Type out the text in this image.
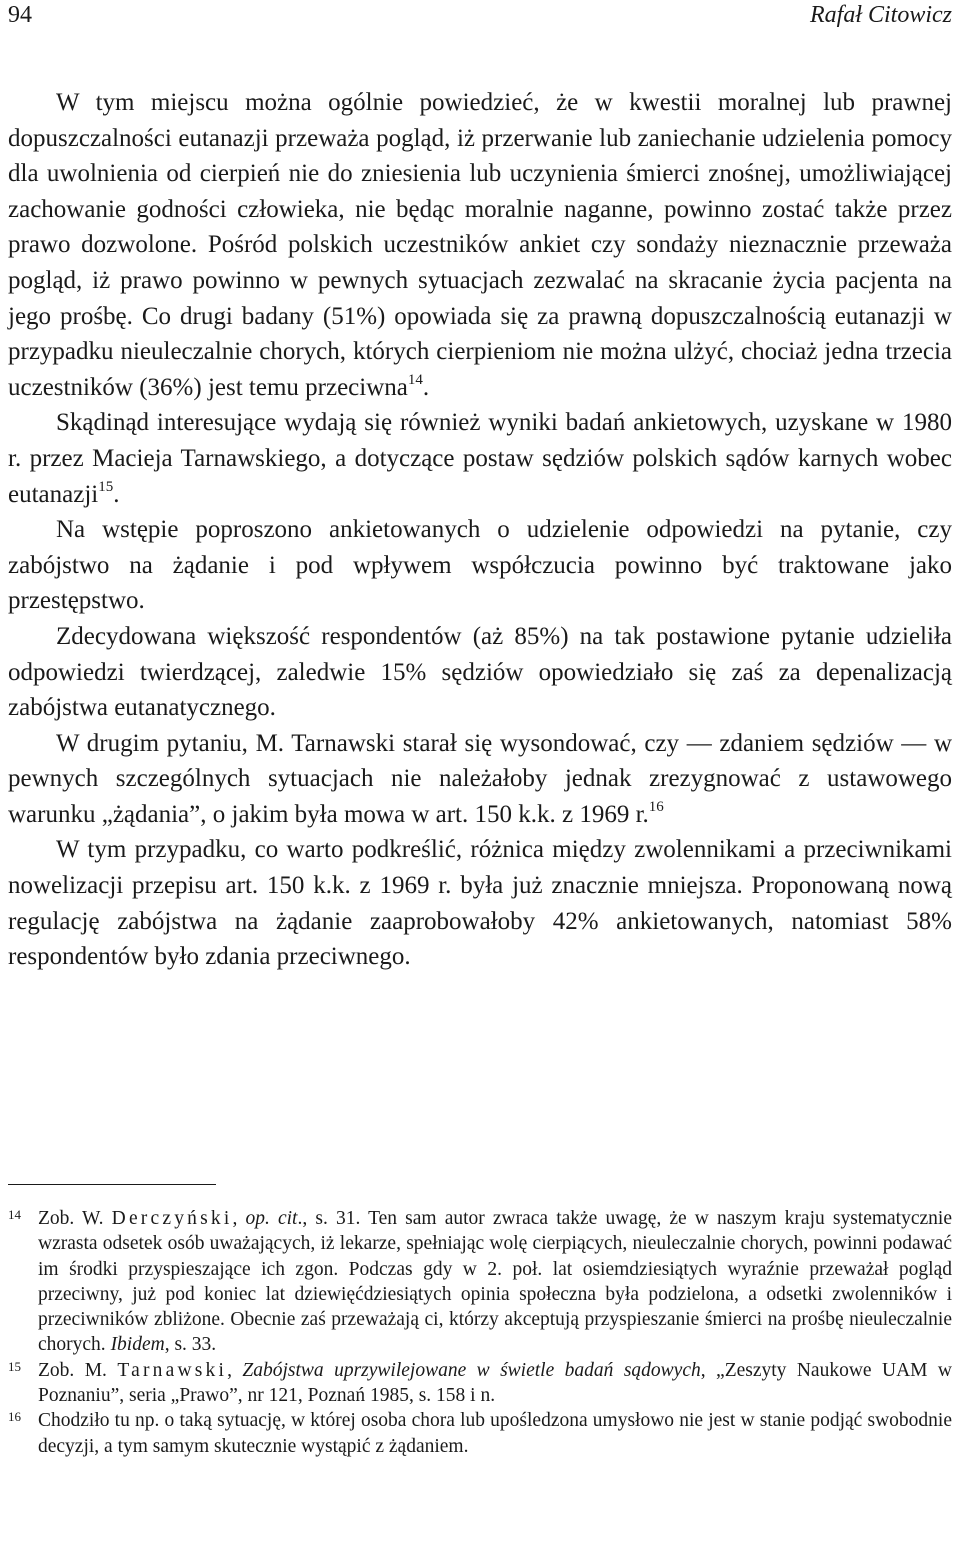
94	Rafał Citowicz

W tym miejscu można ogólnie powiedzieć, że w kwestii moralnej lub prawnej dopuszczalności eutanazji przeważa pogląd, iż przerwanie lub zaniechanie udzielenia pomocy dla uwolnienia od cierpień nie do zniesienia lub uczynienia śmierci znośnej, umożliwiającej zachowanie godności człowieka, nie będąc moralnie naganne, powinno zostać także przez prawo dozwolone. Pośród polskich uczestników ankiet czy sondaży nieznacznie przeważa pogląd, iż prawo powinno w pewnych sytuacjach zezwalać na skracanie życia pacjenta na jego prośbę. Co drugi badany (51%) opowiada się za prawną dopuszczalnością eutanazji w przypadku nieuleczalnie chorych, których cierpieniom nie można ulżyć, chociaż jedna trzecia uczestników (36%) jest temu przeciwna$^{14}$.

Skądinąd interesujące wydają się również wyniki badań ankietowych, uzyskane w 1980 r. przez Macieja Tarnawskiego, a dotyczące postaw sędziów polskich sądów karnych wobec eutanazji$^{15}$.

Na wstępie poproszono ankietowanych o udzielenie odpowiedzi na pytanie, czy zabójstwo na żądanie i pod wpływem współczucia powinno być traktowane jako przestępstwo.

Zdecydowana większość respondentów (aż 85%) na tak postawione pytanie udzieliła odpowiedzi twierdzącej, zaledwie 15% sędziów opowiedziało się zaś za depenalizacją zabójstwa eutanatycznego.

W drugim pytaniu, M. Tarnawski starał się wysondować, czy — zdaniem sędziów — w pewnych szczególnych sytuacjach nie należałoby jednak zrezygnować z ustawowego warunku „żądania”, o jakim była mowa w art. 150 k.k. z 1969 r.$^{16}$

W tym przypadku, co warto podkreślić, różnica między zwolennikami a przeciwnikami nowelizacji przepisu art. 150 k.k. z 1969 r. była już znacznie mniejsza. Proponowaną nową regulację zabójstwa na żądanie zaaprobowałoby 42% ankietowanych, natomiast 58% respondentów było zdania przeciwnego.

14 Zob. W. Derczyński, op. cit., s. 31. Ten sam autor zwraca także uwagę, że w naszym kraju systematycznie wzrasta odsetek osób uważających, iż lekarze, spełniając wolę cierpiących, nieuleczalnie chorych, powinni podawać im środki przyspieszające ich zgon. Podczas gdy w 2. poł. lat osiemdziesiątych wyraźnie przeważał pogląd przeciwny, już pod koniec lat dziewięćdziesiątych opinia społeczna była podzielona, a odsetki zwolenników i przeciwników zbliżone. Obecnie zaś przeważają ci, którzy akceptują przyspieszanie śmierci na prośbę nieuleczalnie chorych. Ibidem, s. 33.
15 Zob. M. Tarnawski, Zabójstwa uprzywilejowane w świetle badań sądowych, „Zeszyty Naukowe UAM w Poznaniu”, seria „Prawo”, nr 121, Poznań 1985, s. 158 i n.
16 Chodziło tu np. o taką sytuację, w której osoba chora lub upośledzona umysłowo nie jest w stanie podjąć swobodnie decyzji, a tym samym skutecznie wystąpić z żądaniem.
